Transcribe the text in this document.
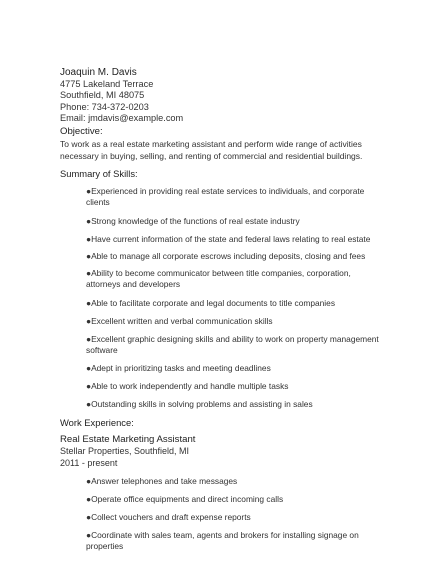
Joaquin M. Davis
4775 Lakeland Terrace
Southfield, MI 48075
Phone: 734-372-0203
Email: jmdavis@example.com
Objective:
To work as a real estate marketing assistant and perform wide range of activities necessary in buying, selling, and renting of commercial and residential buildings.
Summary of Skills:
●Experienced in providing real estate services to individuals, and corporate clients
●Strong knowledge of the functions of real estate industry
●Have current information of the state and federal laws relating to real estate
●Able to manage all corporate escrows including deposits, closing and fees
●Ability to become communicator between title companies, corporation, attorneys and developers
●Able to facilitate corporate and legal documents to title companies
●Excellent written and verbal communication skills
●Excellent graphic designing skills and ability to work on property management software
●Adept in prioritizing tasks and meeting deadlines
●Able to work independently and handle multiple tasks
●Outstanding skills in solving problems and assisting in sales
Work Experience:
Real Estate Marketing Assistant
Stellar Properties, Southfield, MI
2011 - present
●Answer telephones and take messages
●Operate office equipments and direct incoming calls
●Collect vouchers and draft expense reports
●Coordinate with sales team, agents and brokers for installing signage on properties
